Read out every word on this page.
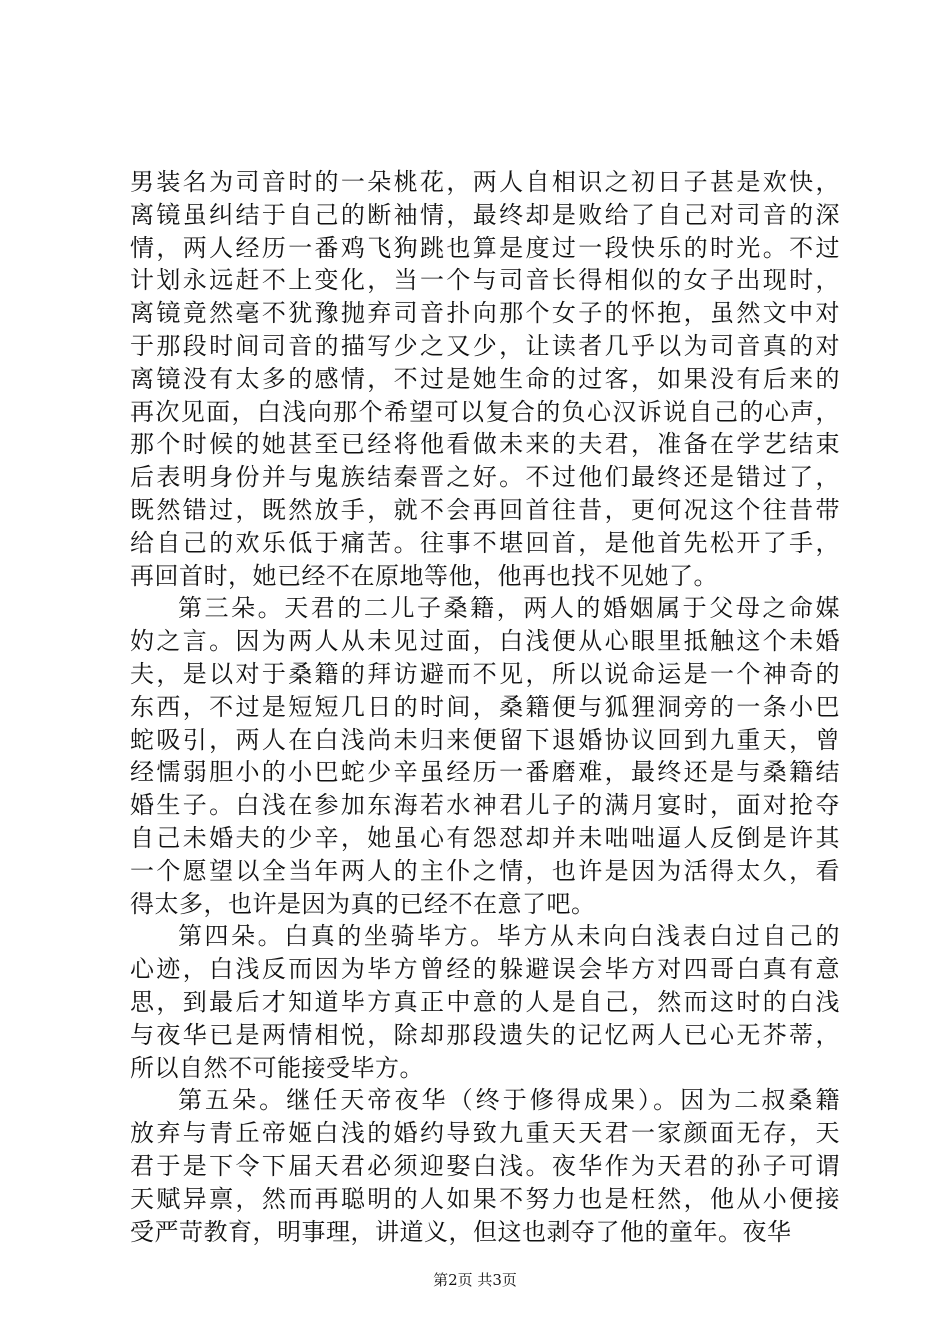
男装名为司音时的一朵桃花，两人自相识之初日子甚是欢快，
离镜虽纠结于自己的断袖情，最终却是败给了自己对司音的深
情，两人经历一番鸡飞狗跳也算是度过一段快乐的时光。不过
计划永远赶不上变化，当一个与司音长得相似的女子出现时，
离镜竟然毫不犹豫抛弃司音扑向那个女子的怀抱，虽然文中对
于那段时间司音的描写少之又少，让读者几乎以为司音真的对
离镜没有太多的感情，不过是她生命的过客，如果没有后来的
再次见面，白浅向那个希望可以复合的负心汉诉说自己的心声，
那个时候的她甚至已经将他看做未来的夫君，准备在学艺结束
后表明身份并与鬼族结秦晋之好。不过他们最终还是错过了，
既然错过，既然放手，就不会再回首往昔，更何况这个往昔带
给自己的欢乐低于痛苦。往事不堪回首，是他首先松开了手，
再回首时，她已经不在原地等他，他再也找不见她了。
第三朵。天君的二儿子桑籍，两人的婚姻属于父母之命媒
妁之言。因为两人从未见过面，白浅便从心眼里抵触这个未婚
夫，是以对于桑籍的拜访避而不见，所以说命运是一个神奇的
东西，不过是短短几日的时间，桑籍便与狐狸洞旁的一条小巴
蛇吸引，两人在白浅尚未归来便留下退婚协议回到九重天，曾
经懦弱胆小的小巴蛇少辛虽经历一番磨难，最终还是与桑籍结
婚生子。白浅在参加东海若水神君儿子的满月宴时，面对抢夺
自己未婚夫的少辛，她虽心有怨怼却并未咄咄逼人反倒是许其
一个愿望以全当年两人的主仆之情，也许是因为活得太久，看
得太多，也许是因为真的已经不在意了吧。
第四朵。白真的坐骑毕方。毕方从未向白浅表白过自己的
心迹，白浅反而因为毕方曾经的躲避误会毕方对四哥白真有意
思，到最后才知道毕方真正中意的人是自己，然而这时的白浅
与夜华已是两情相悦，除却那段遗失的记忆两人已心无芥蒂，
所以自然不可能接受毕方。
第五朵。继任天帝夜华（终于修得成果）。因为二叔桑籍
放弃与青丘帝姬白浅的婚约导致九重天天君一家颜面无存，天
君于是下令下届天君必须迎娶白浅。夜华作为天君的孙子可谓
天赋异禀，然而再聪明的人如果不努力也是枉然，他从小便接
受严苛教育，明事理，讲道义，但这也剥夺了他的童年。夜华
第2页 共3页
